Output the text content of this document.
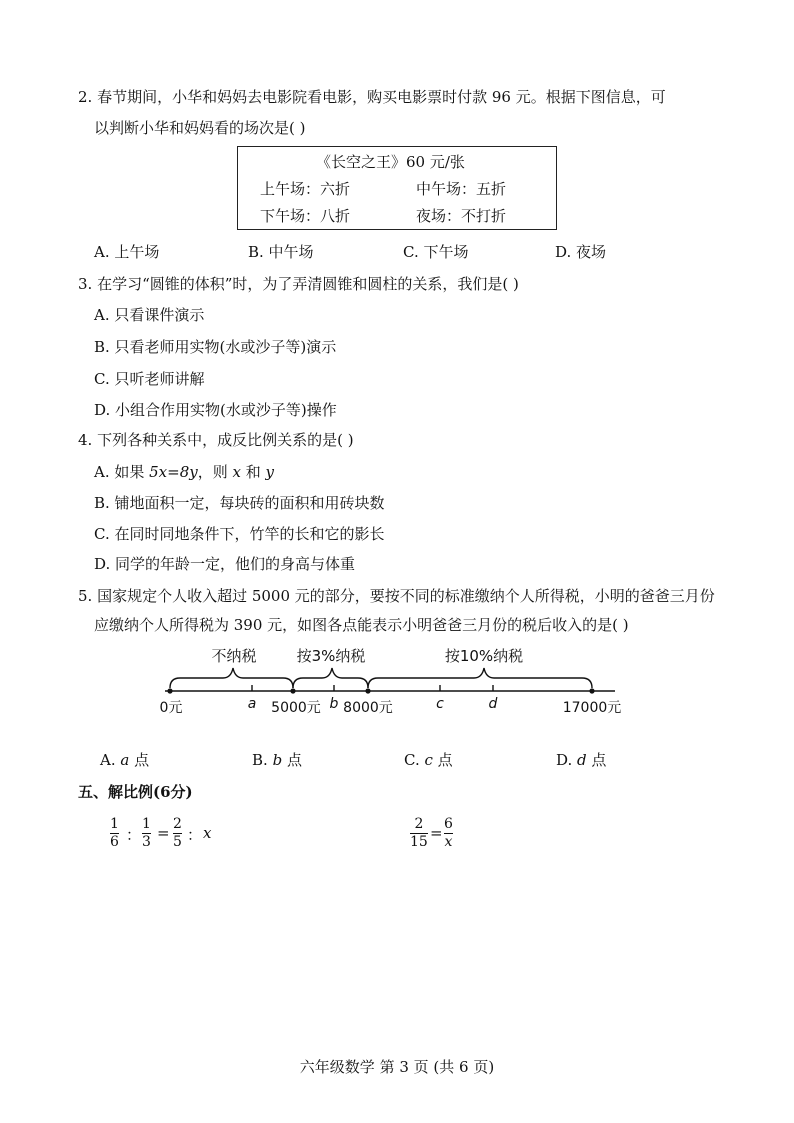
2. 春节期间，小华和妈妈去电影院看电影，购买电影票时付款 96 元。根据下图信息，可
以判断小华和妈妈看的场次是( )
《长空之王》60 元/张
上午场：六折	中午场：五折
下午场：八折	夜场：不打折
A. 上午场	B. 中午场	C. 下午场	D. 夜场
3. 在学习“圆锥的体积”时，为了弄清圆锥和圆柱的关系，我们是( )
A. 只看课件演示
B. 只看老师用实物(水或沙子等)演示
C. 只听老师讲解
D. 小组合作用实物(水或沙子等)操作
4. 下列各种关系中，成反比例关系的是( )
A. 如果 5x=8y，则 x 和 y
B. 铺地面积一定，每块砖的面积和用砖块数
C. 在同时同地条件下，竹竿的长和它的影长
D. 同学的年龄一定，他们的身高与体重
5. 国家规定个人收入超过 5000 元的部分，要按不同的标准缴纳个人所得税，小明的爸爸三月份
应缴纳个人所得税为 390 元，如图各点能表示小明爸爸三月份的税后收入的是( )
不纳税	按3%纳税	按10%纳税
0元	a 5000元 b 8000元	c	d	17000元
A. a 点	B. b 点	C. c 点	D. d 点
五、解比例(6分)
1
6 ：
1
3 = 2
5 ： x	2
15 = 6
x
六年级数学 第 3 页 (共 6 页)
